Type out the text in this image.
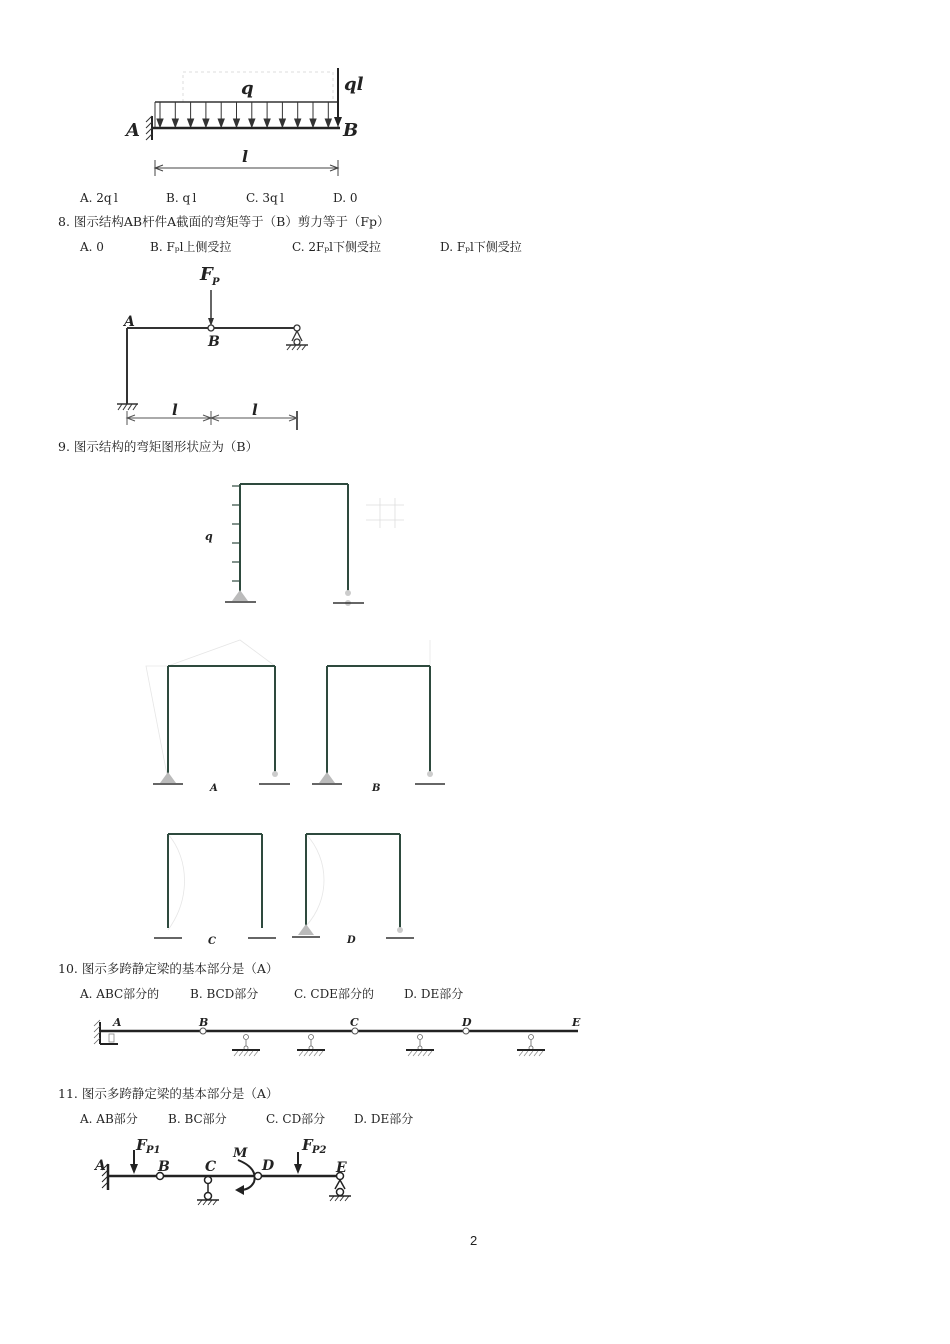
q	ql
A	B
l
A. 2q l	B. q l	C. 3q l	D. 0
8. 图示结构AB杆件A截面的弯矩等于（B）剪力等于（Fp）
A. 0	B. Fₚl上侧受拉	C. 2Fₚl下侧受拉	D. Fₚl下侧受拉
F P
A
B
l	l
9. 图示结构的弯矩图形状应为（B）
q
A	B
C	D
10. 图示多跨静定梁的基本部分是（A）
A. ABC部分的	B. BCD部分	C. CDE部分的	D. DE部分
A	B	C	D	E
11. 图示多跨静定梁的基本部分是（A）
A. AB部分	B. BC部分	C. CD部分 D. DE部分
A
F P1
B	C
M
D
F P2
E
2
